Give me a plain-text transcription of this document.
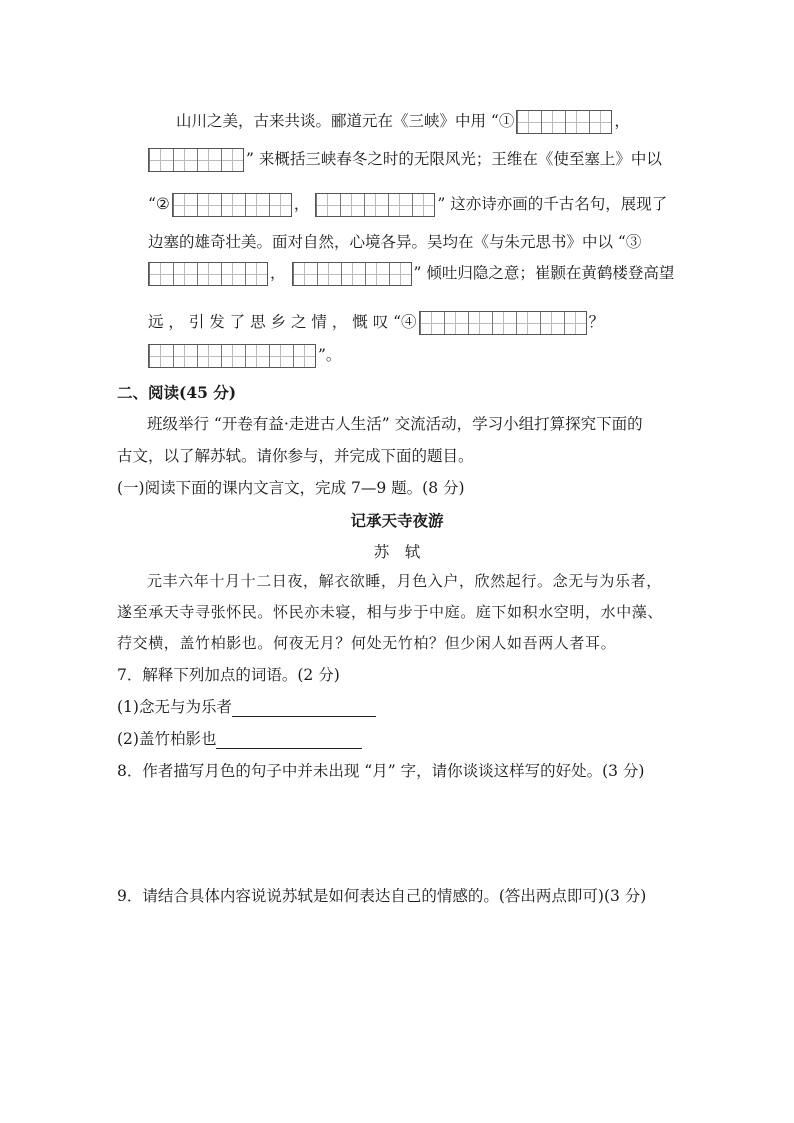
山川之美，古来共谈。郦道元在《三峡》中用 “①	，
” 来概括三峡春冬之时的无限风光；王维在《使至塞上》中以
“②	，	” 这亦诗亦画的千古名句，展现了
边塞的雄奇壮美。面对自然，心境各异。吴均在《与朱元思书》中以 “③
，	” 倾吐归隐之意；崔颢在黄鹤楼登高望
远 ， 引 发 了 思 乡 之 情 ， 慨 叹 “④	？
”。
二、阅读(45 分)
班级举行 “开卷有益·走进古人生活” 交流活动，学习小组打算探究下面的
古文，以了解苏轼。请你参与，并完成下面的题目。
(一)阅读下面的课内文言文，完成 7—9 题。(8 分)
记承天寺夜游
苏　轼
元丰六年十月十二日夜，解衣欲睡，月色入户，欣然起行。念无与为乐者，
遂至承天寺寻张怀民。怀民亦未寝，相与步于中庭。庭下如积水空明，水中藻、
荇交横，盖竹柏影也。何夜无月？何处无竹柏？但少闲人如吾两人者耳。
7．解释下列加点的词语。(2 分)
(1)念无与为乐者
(2)盖竹柏影也
8．作者描写月色的句子中并未出现 “月” 字，请你谈谈这样写的好处。(3 分)
9．请结合具体内容说说苏轼是如何表达自己的情感的。(答出两点即可)(3 分)
